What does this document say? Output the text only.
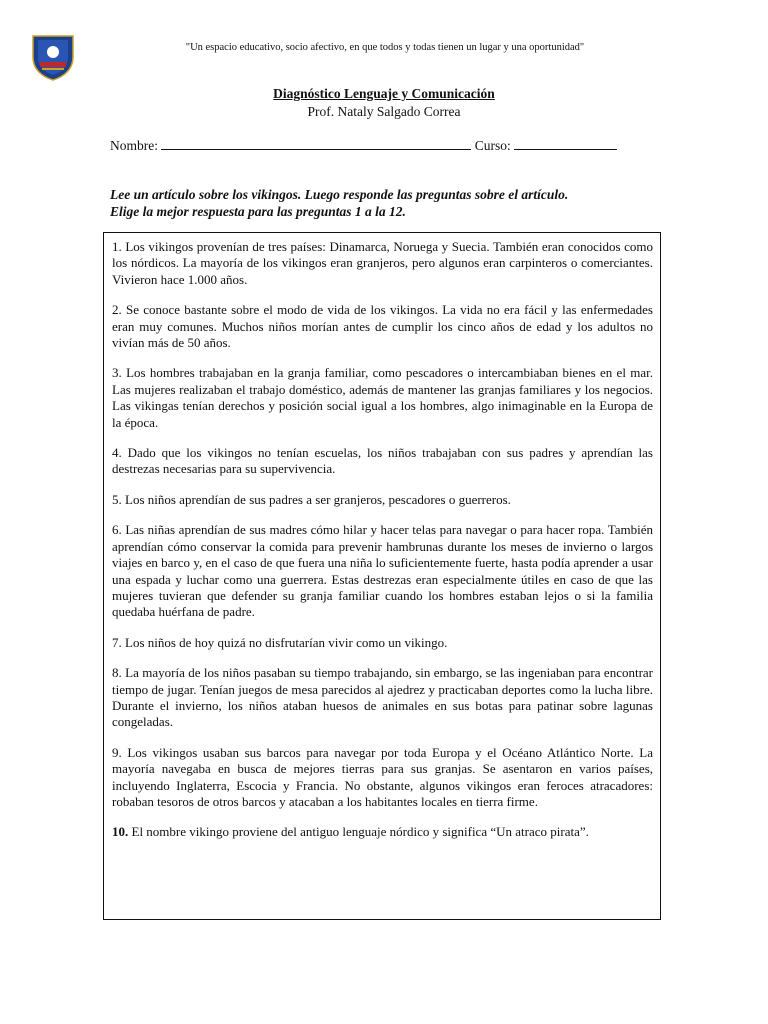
"Un espacio educativo, socio afectivo, en que todos y todas tienen un lugar y una oportunidad"
Diagnóstico Lenguaje y Comunicación
Prof. Nataly Salgado Correa
Nombre:	Curso:
Lee un artículo sobre los vikingos. Luego responde las preguntas sobre el artículo.
Elige la mejor respuesta para las preguntas 1 a la 12.

1. Los vikingos provenían de tres países: Dinamarca, Noruega y Suecia. También eran conocidos como los nórdicos. La mayoría de los vikingos eran granjeros, pero algunos eran carpinteros o comerciantes. Vivieron hace 1.000 años.

2. Se conoce bastante sobre el modo de vida de los vikingos. La vida no era fácil y las enfermedades eran muy comunes. Muchos niños morían antes de cumplir los cinco años de edad y los adultos no vivían más de 50 años.

3. Los hombres trabajaban en la granja familiar, como pescadores o intercambiaban bienes en el mar. Las mujeres realizaban el trabajo doméstico, además de mantener las granjas familiares y los negocios. Las vikingas tenían derechos y posición social igual a los hombres, algo inimaginable en la Europa de la época.

4. Dado que los vikingos no tenían escuelas, los niños trabajaban con sus padres y aprendían las destrezas necesarias para su supervivencia.

5. Los niños aprendían de sus padres a ser granjeros, pescadores o guerreros.

6. Las niñas aprendían de sus madres cómo hilar y hacer telas para navegar o para hacer ropa. También aprendían cómo conservar la comida para prevenir hambrunas durante los meses de invierno o largos viajes en barco y, en el caso de que fuera una niña lo suficientemente fuerte, hasta podía aprender a usar una espada y luchar como una guerrera. Estas destrezas eran especialmente útiles en caso de que las mujeres tuvieran que defender su granja familiar cuando los hombres estaban lejos o si la familia quedaba huérfana de padre.

7. Los niños de hoy quizá no disfrutarían vivir como un vikingo.

8. La mayoría de los niños pasaban su tiempo trabajando, sin embargo, se las ingeniaban para encontrar tiempo de jugar. Tenían juegos de mesa parecidos al ajedrez y practicaban deportes como la lucha libre. Durante el invierno, los niños ataban huesos de animales en sus botas para patinar sobre lagunas congeladas.

9. Los vikingos usaban sus barcos para navegar por toda Europa y el Océano Atlántico Norte. La mayoría navegaba en busca de mejores tierras para sus granjas. Se asentaron en varios países, incluyendo Inglaterra, Escocia y Francia. No obstante, algunos vikingos eran feroces atracadores: robaban tesoros de otros barcos y atacaban a los habitantes locales en tierra firme.

10. El nombre vikingo proviene del antiguo lenguaje nórdico y significa “Un atraco pirata”.
